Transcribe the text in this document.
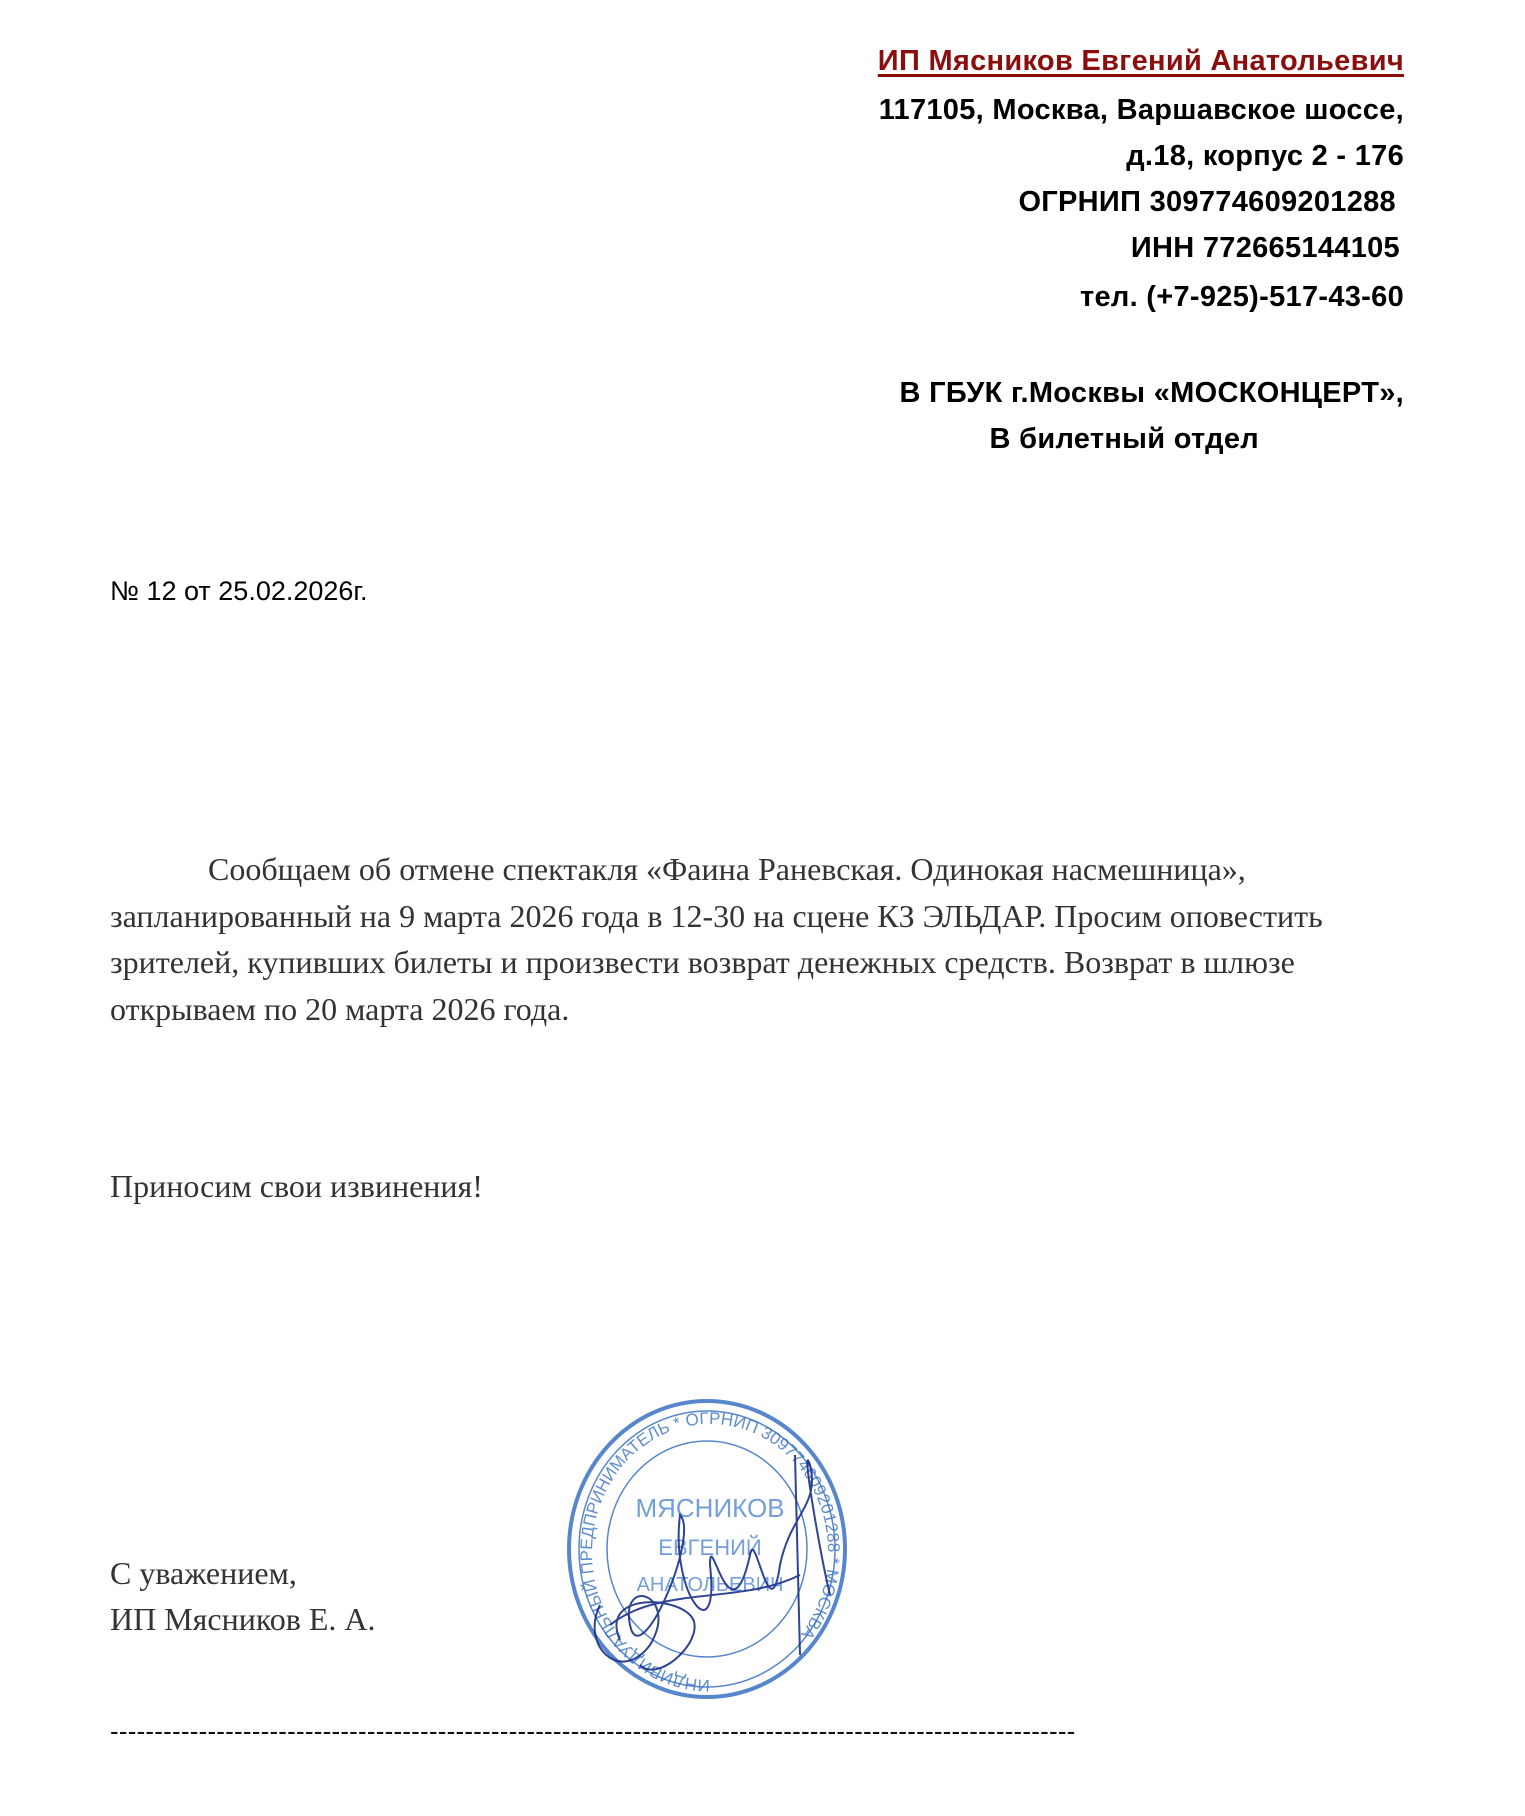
ИП Мясников Евгений Анатольевич
117105, Москва, Варшавское шоссе,
д.18, корпус 2 - 176
ОГРНИП 309774609201288
ИНН 772665144105
тел. (+7-925)-517-43-60
В ГБУК г.Москвы «МОСКОНЦЕРТ»,
В билетный отдел
№ 12 от 25.02.2026г.
Сообщаем об отмене спектакля «Фаина Раневская. Одинокая насмешница», запланированный на 9 марта 2026 года в 12-30 на сцене КЗ ЭЛЬДАР. Просим оповестить зрителей, купивших билеты и произвести возврат денежных средств. Возврат в шлюзе открываем по 20 марта 2026 года.
Приносим свои извинения!
С уважением,
ИП Мясников Е. А.
-------------------------------------------------------------------------------------------------------------
ИНДИВИДУАЛЬНЫЙ ПРЕДПРИНИМАТЕЛЬ * ОГРНИП 309774609201288 * МОСКВА
МЯСНИКОВ
ЕВГЕНИЙ
АНАТОЛЬЕВИЧ
